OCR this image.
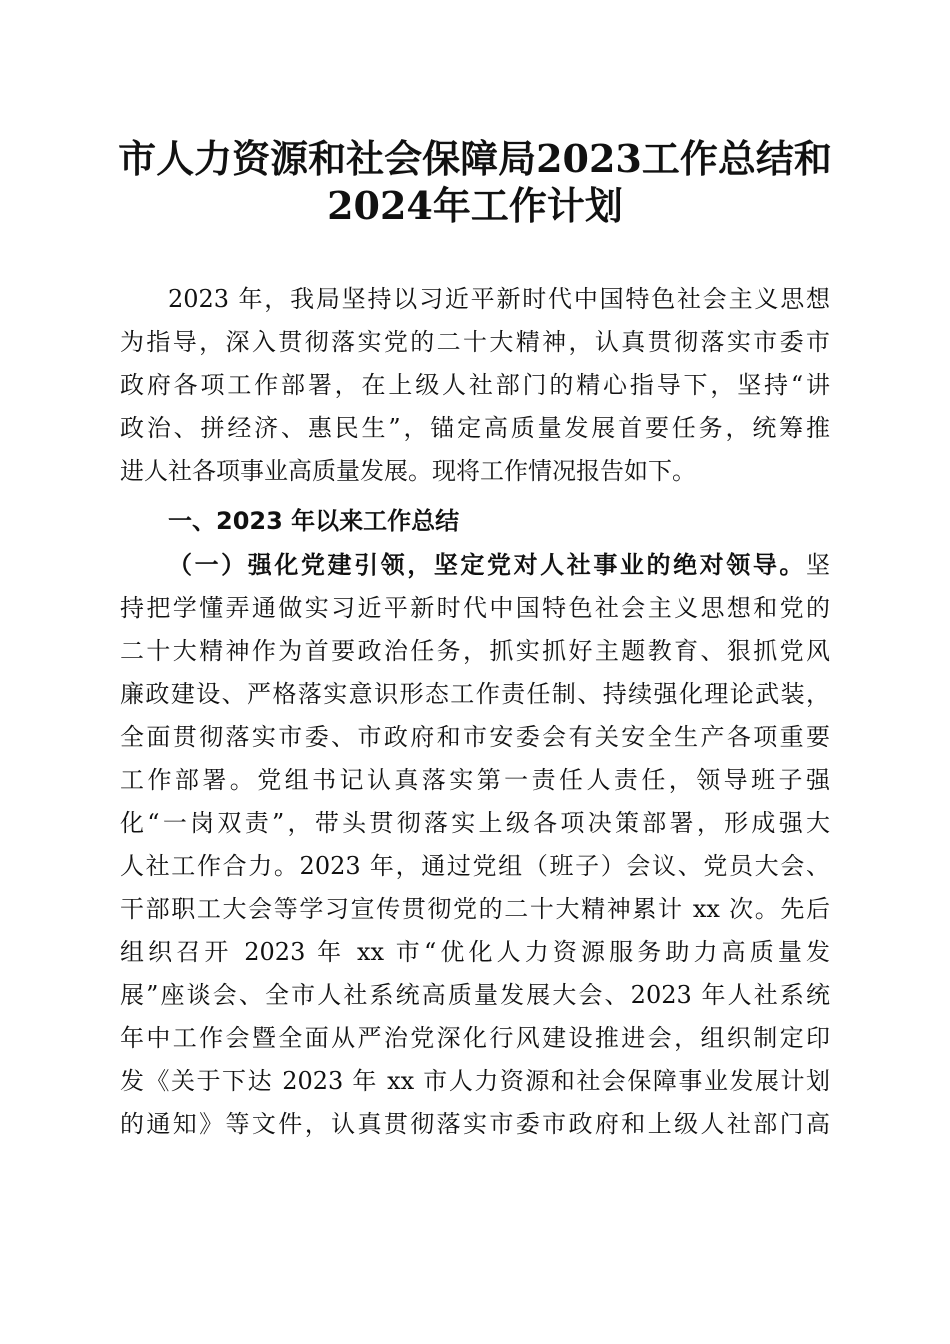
市人力资源和社会保障局2023工作总结和
2024年工作计划
2023 年，我局坚持以习近平新时代中国特色社会主义思想
为指导，深入贯彻落实党的二十大精神，认真贯彻落实市委市
政府各项工作部署，在上级人社部门的精心指导下，坚持“讲
政治、拼经济、惠民生”，锚定高质量发展首要任务，统筹推
进人社各项事业高质量发展。现将工作情况报告如下。
一、2023 年以来工作总结
（一）强化党建引领，坚定党对人社事业的绝对领导。坚
持把学懂弄通做实习近平新时代中国特色社会主义思想和党的
二十大精神作为首要政治任务，抓实抓好主题教育、狠抓党风
廉政建设、严格落实意识形态工作责任制、持续强化理论武装，
全面贯彻落实市委、市政府和市安委会有关安全生产各项重要
工作部署。党组书记认真落实第一责任人责任，领导班子强
化“一岗双责”，带头贯彻落实上级各项决策部署，形成强大
人社工作合力。2023 年，通过党组（班子）会议、党员大会、
干部职工大会等学习宣传贯彻党的二十大精神累计 xx 次。先后
组织召开 2023 年 xx 市“优化人力资源服务助力高质量发
展”座谈会、全市人社系统高质量发展大会、2023 年人社系统
年中工作会暨全面从严治党深化行风建设推进会，组织制定印
发《关于下达 2023 年 xx 市人力资源和社会保障事业发展计划
的通知》等文件，认真贯彻落实市委市政府和上级人社部门高
